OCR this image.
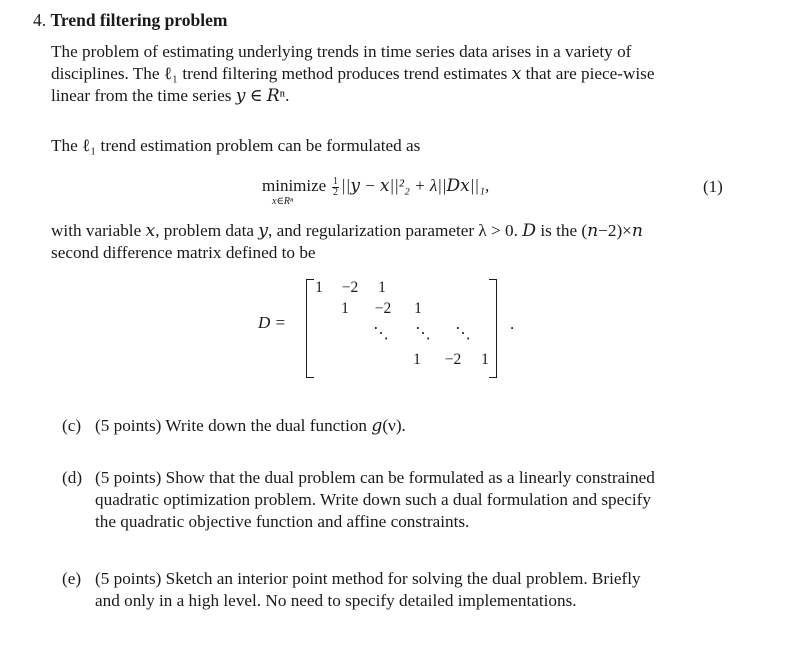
4. Trend filtering problem
The problem of estimating underlying trends in time series data arises in a variety of
disciplines. The ℓ₁ trend filtering method produces trend estimates 𝑥 that are piece-wise
linear from the time series 𝑦 ∈ 𝑅ⁿ.
The ℓ₁ trend estimation problem can be formulated as
minimize
x∈Rⁿ
$\frac{1}{2}$ ||𝑦 − 𝑥||²₂ + λ||𝐷𝑥||₁,	(1)
with variable 𝑥, problem data 𝑦, and regularization parameter λ > 0. 𝐷 is the (𝑛−2)×𝑛
second difference matrix defined to be
D =
1	−2	1
1	−2	1
⋱	⋱	⋱
1	−2	1
.
(c) (5 points) Write down the dual function 𝑔(ν).
(d) (5 points) Show that the dual problem can be formulated as a linearly constrained
quadratic optimization problem. Write down such a dual formulation and specify
the quadratic objective function and affine constraints.
(e) (5 points) Sketch an interior point method for solving the dual problem. Briefly
and only in a high level. No need to specify detailed implementations.
